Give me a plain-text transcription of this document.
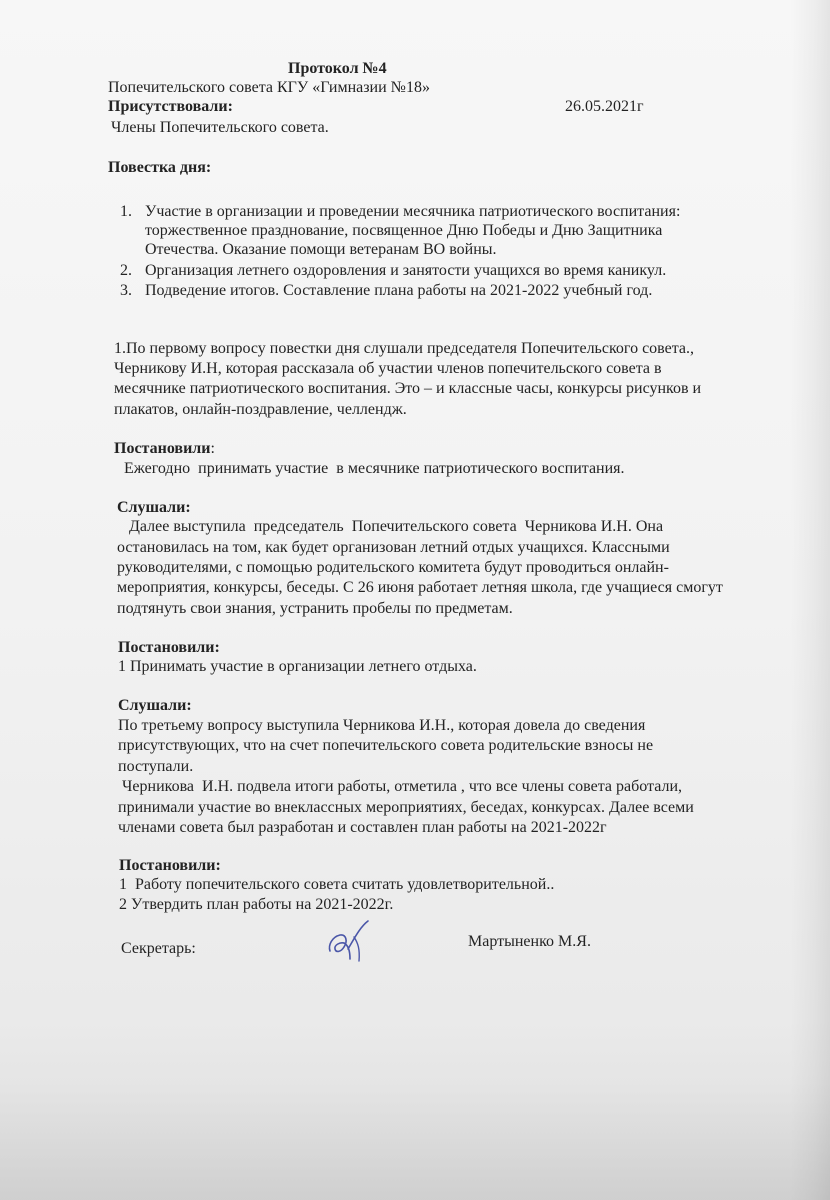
Протокол №4
Попечительского совета КГУ «Гимназии №18»
Присутствовали:	26.05.2021г
Члены Попечительского совета.
Повестка дня:
1. Участие в организации и проведении месячника патриотического воспитания:
торжественное празднование, посвященное Дню Победы и Дню Защитника
Отечества. Оказание помощи ветеранам ВО войны.
2. Организация летнего оздоровления и занятости учащихся во время каникул.
3. Подведение итогов. Составление плана работы на 2021-2022 учебный год.
1.По первому вопросу повестки дня слушали председателя Попечительского совета.,
Черникову И.Н, которая рассказала об участии членов попечительского совета в
месячнике патриотического воспитания. Это – и классные часы, конкурсы рисунков и
плакатов, онлайн-поздравление, челлендж.
Постановили:
Ежегодно  принимать участие  в месячнике патриотического воспитания.
Слушали:
Далее выступила  председатель  Попечительского совета  Черникова И.Н. Она
остановилась на том, как будет организован летний отдых учащихся. Классными
руководителями, с помощью родительского комитета будут проводиться онлайн-
мероприятия, конкурсы, беседы. С 26 июня работает летняя школа, где учащиеся смогут
подтянуть свои знания, устранить пробелы по предметам.
Постановили:
1 Принимать участие в организации летнего отдыха.
Слушали:
По третьему вопросу выступила Черникова И.Н., которая довела до сведения
присутствующих, что на счет попечительского совета родительские взносы не
поступали.
Черникова  И.Н. подвела итоги работы, отметила , что все члены совета работали,
принимали участие во внеклассных мероприятиях, беседах, конкурсах. Далее всеми
членами совета был разработан и составлен план работы на 2021-2022г
Постановили:
1  Работу попечительского совета считать удовлетворительной..
2 Утвердить план работы на 2021-2022г.
Секретарь:	Мартыненко М.Я.
